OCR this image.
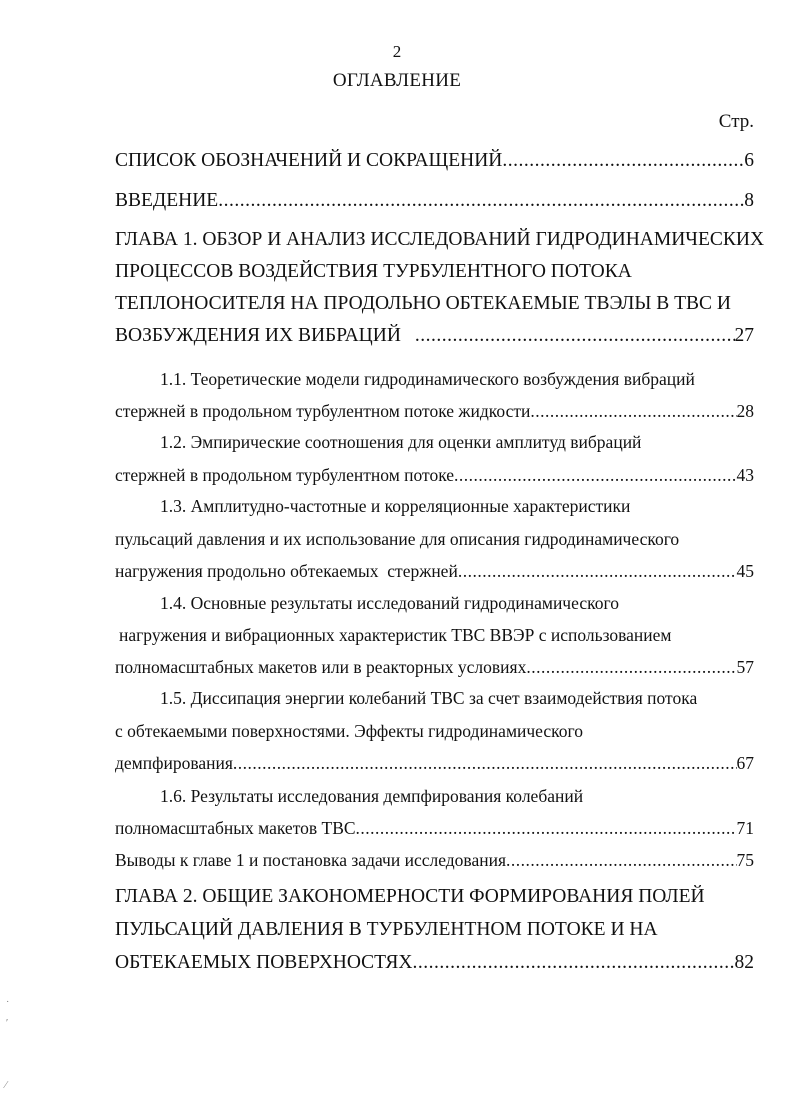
2
ОГЛАВЛЕНИЕ
Стр.
СПИСОК ОБОЗНАЧЕНИЙ И СОКРАЩЕНИЙ .....	6
ВВЕДЕНИЕ .....	8
ГЛАВА 1. ОБЗОР И АНАЛИЗ ИССЛЕДОВАНИЙ ГИДРОДИНАМИЧЕСКИХ
ПРОЦЕССОВ ВОЗДЕЙСТВИЯ ТУРБУЛЕНТНОГО ПОТОКА
ТЕПЛОНОСИТЕЛЯ НА ПРОДОЛЬНО ОБТЕКАЕМЫЕ ТВЭЛЫ В ТВС И
ВОЗБУЖДЕНИЯ ИХ ВИБРАЦИЙ .....	27
1.1. Теоретические модели гидродинамического возбуждения вибраций
стержней в продольном турбулентном потоке жидкости .....	28
1.2. Эмпирические соотношения для оценки амплитуд вибраций
стержней в продольном турбулентном потоке .....	43
1.3. Амплитудно-частотные и корреляционные характеристики
пульсаций давления и их использование для описания гидродинамического
нагружения продольно обтекаемых  стержней .....	45
1.4. Основные результаты исследований гидродинамического
нагружения и вибрационных характеристик ТВС ВВЭР с использованием
полномасштабных макетов или в реакторных условиях .....	57
1.5. Диссипация энергии колебаний ТВС за счет взаимодействия потока
с обтекаемыми поверхностями. Эффекты гидродинамического
демпфирования .....	67
1.6. Результаты исследования демпфирования колебаний
полномасштабных макетов ТВС .....	71
Выводы к главе 1 и постановка задачи исследования .....	75
ГЛАВА 2. ОБЩИЕ ЗАКОНОМЕРНОСТИ ФОРМИРОВАНИЯ ПОЛЕЙ
ПУЛЬСАЦИЙ ДАВЛЕНИЯ В ТУРБУЛЕНТНОМ ПОТОКЕ И НА
ОБТЕКАЕМЫХ ПОВЕРХНОСТЯХ .....	82
˙
′
⁄
